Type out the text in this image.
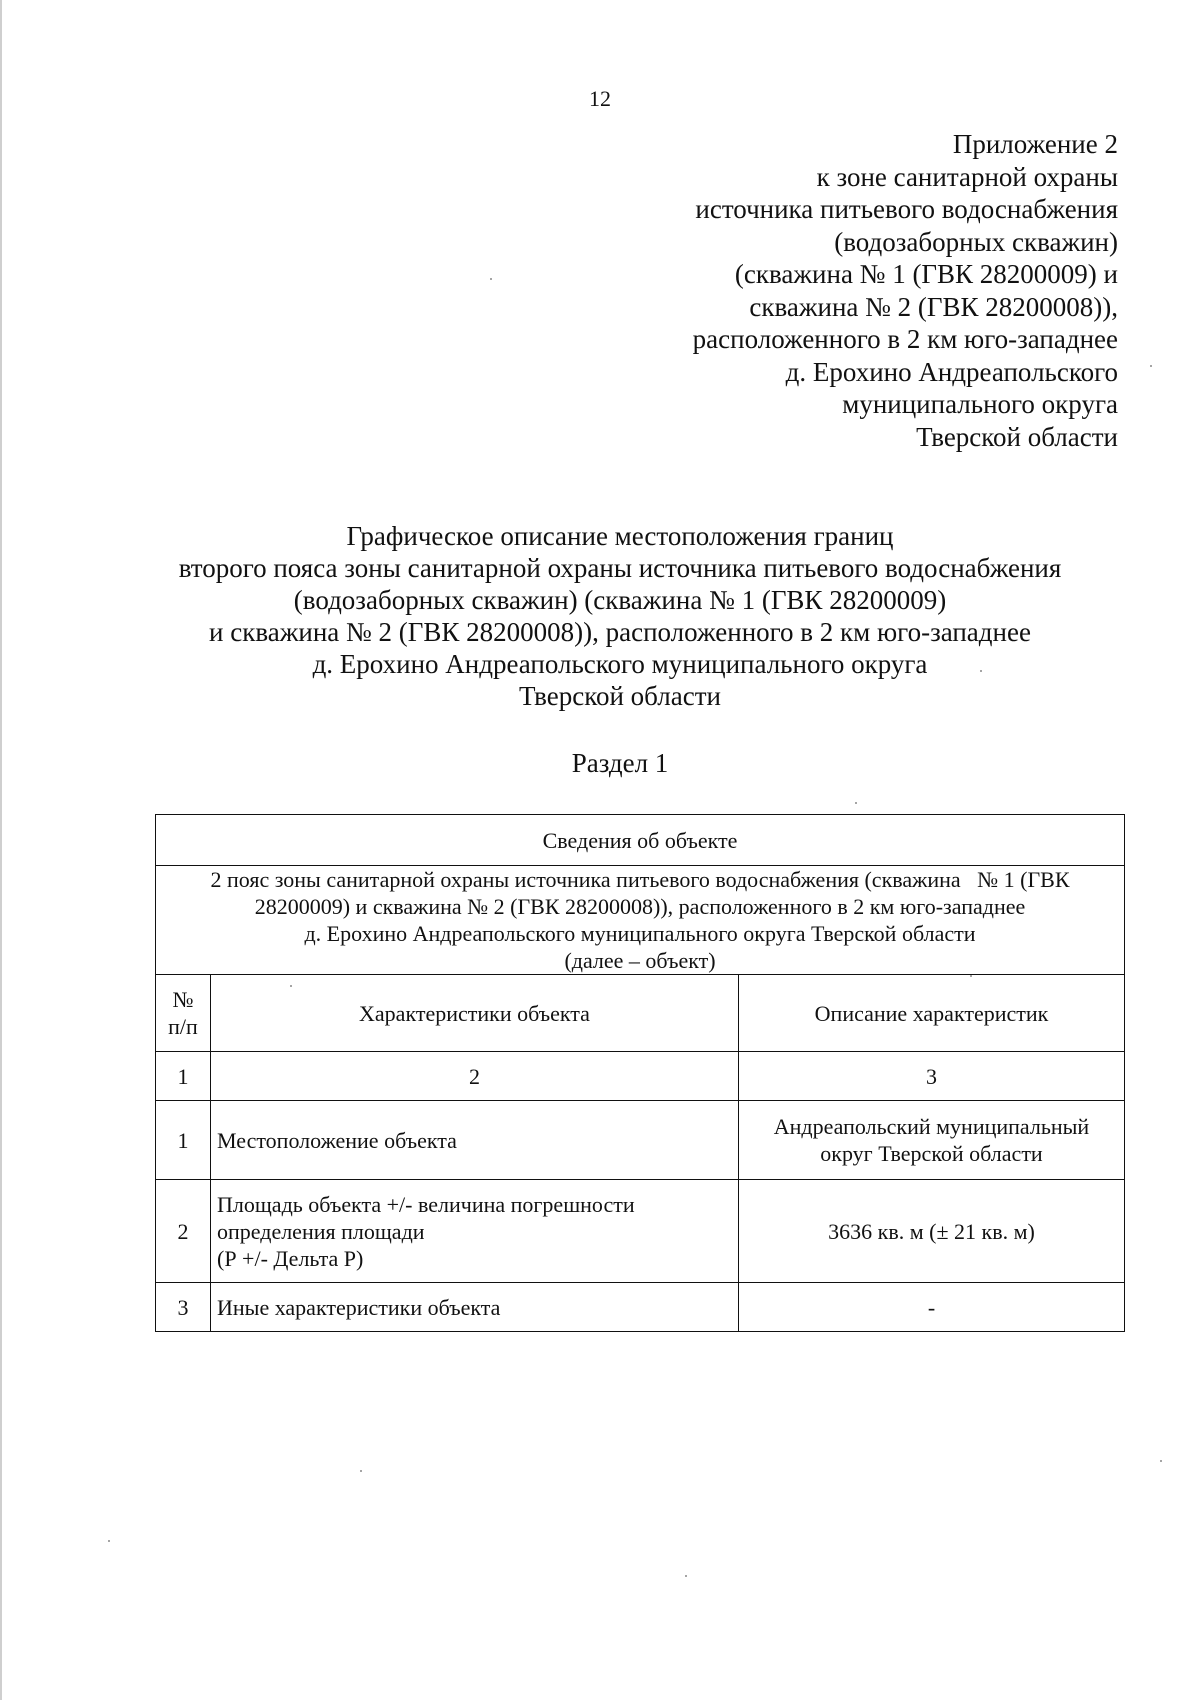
12
Приложение 2
к зоне санитарной охраны
источника питьевого водоснабжения
(водозаборных скважин)
(скважина № 1 (ГВК 28200009) и
скважина № 2 (ГВК 28200008)),
расположенного в 2 км юго-западнее
д. Ерохино Андреапольского
муниципального округа
Тверской области
Графическое описание местоположения границ
второго пояса зоны санитарной охраны источника питьевого водоснабжения
(водозаборных скважин) (скважина № 1 (ГВК 28200009)
и скважина № 2 (ГВК 28200008)), расположенного в 2 км юго-западнее
д. Ерохино Андреапольского муниципального округа
Тверской области
Раздел 1
Сведения об объекте		

2 пояс зоны санитарной охраны источника питьевого водоснабжения (скважина   № 1 (ГВК
28200009) и скважина № 2 (ГВК 28200008)), расположенного в 2 км юго-западнее
д. Ерохино Андреапольского муниципального округа Тверской области
(далее – объект)		

№
п/п	Характеристики объекта	Описание характеристик
1	2	3
1	Местоположение объекта	Андреапольский муниципальный
округ Тверской области

2	Площадь объекта +/- величина погрешности
определения площади
(Р +/- Дельта Р)	3636 кв. м (± 21 кв. м)

3	Иные характеристики объекта	-
